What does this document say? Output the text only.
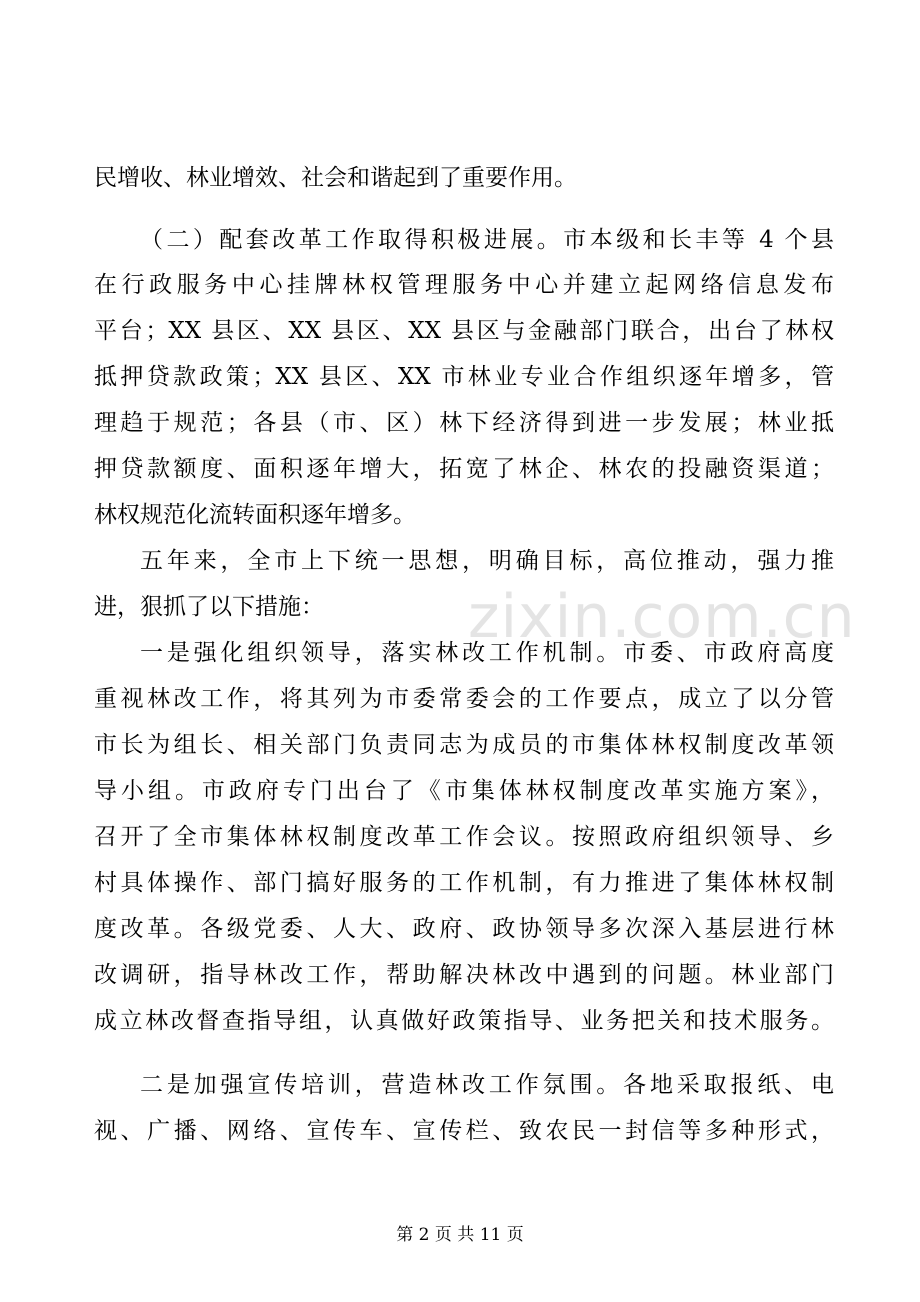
zixin.com.cn
民增收、林业增效、社会和谐起到了重要作用。
（二）配套改革工作取得积极进展。市本级和长丰等 4 个县
在行政服务中心挂牌林权管理服务中心并建立起网络信息发布
平台；XX 县区、XX 县区、XX 县区与金融部门联合，出台了林权
抵押贷款政策；XX 县区、XX 市林业专业合作组织逐年增多，管
理趋于规范；各县（市、区）林下经济得到进一步发展；林业抵
押贷款额度、面积逐年增大，拓宽了林企、林农的投融资渠道；
林权规范化流转面积逐年增多。
五年来，全市上下统一思想，明确目标，高位推动，强力推
进，狠抓了以下措施：
一是强化组织领导，落实林改工作机制。市委、市政府高度
重视林改工作，将其列为市委常委会的工作要点，成立了以分管
市长为组长、相关部门负责同志为成员的市集体林权制度改革领
导小组。市政府专门出台了《市集体林权制度改革实施方案》，
召开了全市集体林权制度改革工作会议。按照政府组织领导、乡
村具体操作、部门搞好服务的工作机制，有力推进了集体林权制
度改革。各级党委、人大、政府、政协领导多次深入基层进行林
改调研，指导林改工作，帮助解决林改中遇到的问题。林业部门
成立林改督查指导组，认真做好政策指导、业务把关和技术服务。
二是加强宣传培训，营造林改工作氛围。各地采取报纸、电
视、广播、网络、宣传车、宣传栏、致农民一封信等多种形式，
第 2 页 共 11 页
